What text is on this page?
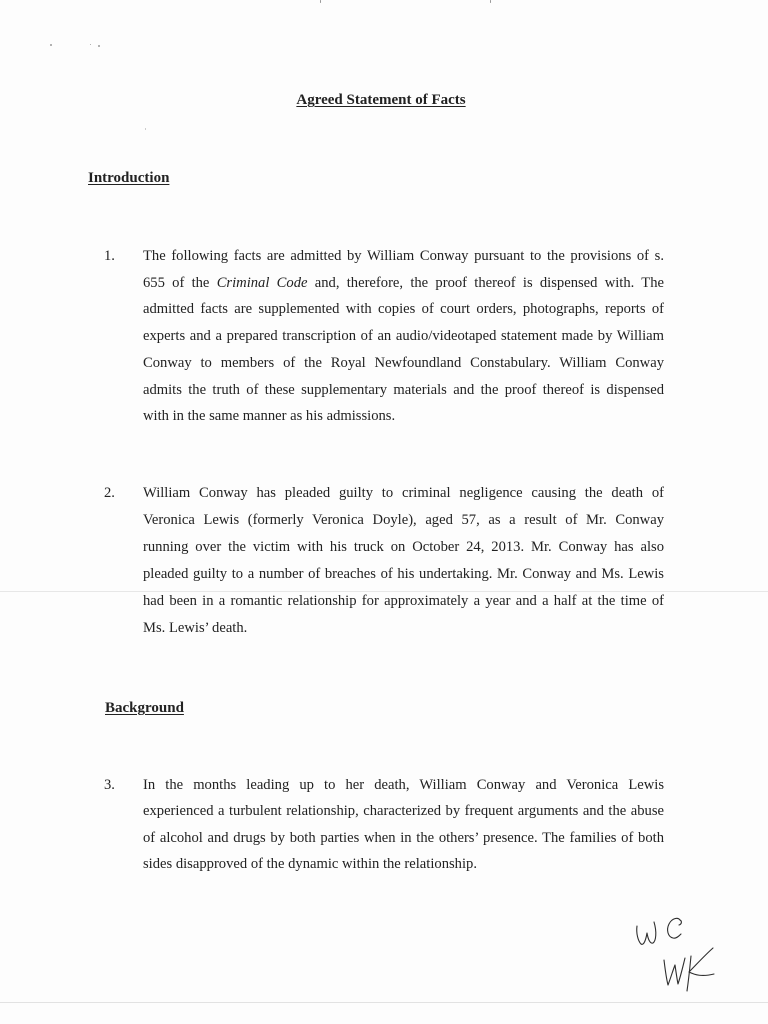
Agreed Statement of Facts
Introduction
1. The following facts are admitted by William Conway pursuant to the provisions of s.
655 of the Criminal Code and, therefore, the proof thereof is dispensed with. The
admitted facts are supplemented with copies of court orders, photographs, reports of
experts and a prepared transcription of an audio/videotaped statement made by William
Conway to members of the Royal Newfoundland Constabulary. William Conway
admits the truth of these supplementary materials and the proof thereof is dispensed
with in the same manner as his admissions.
2. William Conway has pleaded guilty to criminal negligence causing the death of
Veronica Lewis (formerly Veronica Doyle), aged 57, as a result of Mr. Conway
running over the victim with his truck on October 24, 2013. Mr. Conway has also
pleaded guilty to a number of breaches of his undertaking. Mr. Conway and Ms. Lewis
had been in a romantic relationship for approximately a year and a half at the time of
Ms. Lewis’ death.
Background
3. In the months leading up to her death, William Conway and Veronica Lewis
experienced a turbulent relationship, characterized by frequent arguments and the abuse
of alcohol and drugs by both parties when in the others’ presence. The families of both
sides disapproved of the dynamic within the relationship.
